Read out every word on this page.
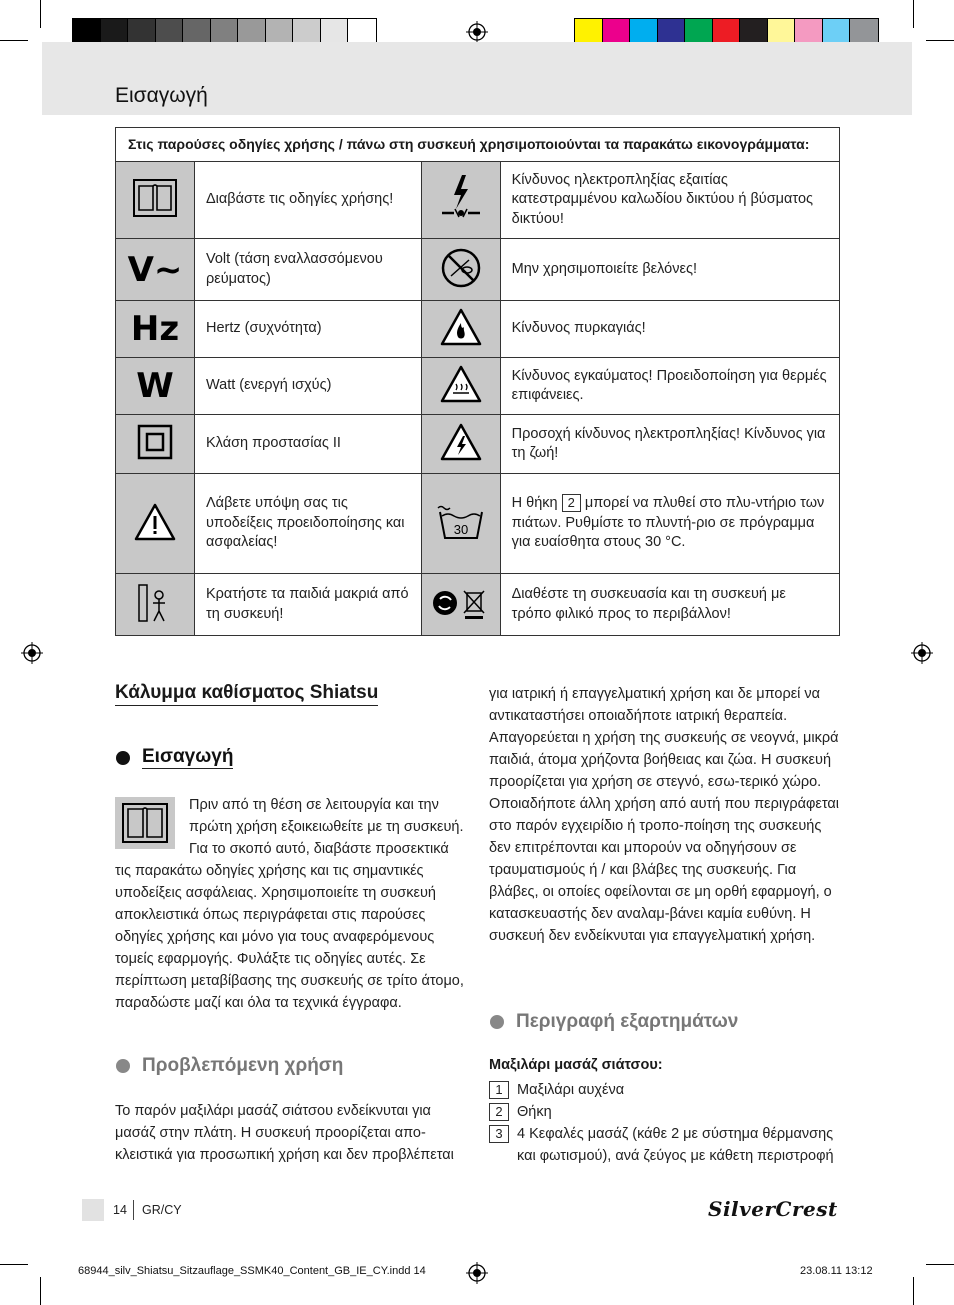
Εισαγωγή
Στις παρούσες οδηγίες χρήσης / πάνω στη συσκευή χρησιμοποιούνται τα παρακάτω εικονογράμματα:			
	Διαβάστε τις οδηγίες χρήσης!		Κίνδυνος ηλεκτροπληξίας εξαιτίας κατεστραμμένου καλωδίου δικτύου ή βύσματος δικτύου!
V~	Volt (τάση εναλλασσόμενου ρεύματος)		Μην χρησιμοποιείτε βελόνες!
Hz	Hertz (συχνότητα)		Κίνδυνος πυρκαγιάς!
W	Watt (ενεργή ισχύς)		Κίνδυνος εγκαύματος! Προειδοποίηση για θερμές επιφάνειες.
	Κλάση προστασίας II		Προσοχή κίνδυνος ηλεκτροπληξίας! Κίνδυνος για τη ζωή!
	Λάβετε υπόψη σας τις υποδείξεις προειδοποίησης και ασφαλείας!	30	Η θήκη 2 μπορεί να πλυθεί στο πλυ-ντήριο των πιάτων. Ρυθμίστε το πλυντή-ριο σε πρόγραμμα για ευαίσθητα στους 30 °C.
	Κρατήστε τα παιδιά μακριά από τη συσκευή!		Διαθέστε τη συσκευασία και τη συσκευή με τρόπο φιλικό προς το περιβάλλον!
Κάλυμμα καθίσματος Shiatsu
Εισαγωγή
Πριν από τη θέση σε λειτουργία και την πρώτη χρήση εξοικειωθείτε με τη συσκευή. Για το σκοπό αυτό, διαβάστε προσεκτικά τις παρακάτω οδηγίες χρήσης και τις σημαντικές υποδείξεις ασφάλειας. Χρησιμοποιείτε τη συσκευή αποκλειστικά όπως περιγράφεται στις παρούσες οδηγίες χρήσης και μόνο για τους αναφερόμενους τομείς εφαρμογής. Φυλάξτε τις οδηγίες αυτές. Σε περίπτωση μεταβίβασης της συσκευής σε τρίτο άτομο, παραδώστε μαζί και όλα τα τεχνικά έγγραφα.
Προβλεπόμενη χρήση
Το παρόν μαξιλάρι μασάζ σιάτσου ενδείκνυται για μασάζ στην πλάτη. Η συσκευή προορίζεται απο-κλειστικά για προσωπική χρήση και δεν προβλέπεται
για ιατρική ή επαγγελματική χρήση και δε μπορεί να αντικαταστήσει οποιαδήποτε ιατρική θεραπεία. Απαγορεύεται η χρήση της συσκευής σε νεογνά, μικρά παιδιά, άτομα χρήζοντα βοήθειας και ζώα. Η συσκευή προορίζεται για χρήση σε στεγνό, εσω-τερικό χώρο. Οποιαδήποτε άλλη χρήση από αυτή που περιγράφεται στο παρόν εγχειρίδιο ή τροπο-ποίηση της συσκευής δεν επιτρέπονται και μπορούν να οδηγήσουν σε τραυματισμούς ή / και βλάβες της συσκευής. Για βλάβες, οι οποίες οφείλονται σε μη ορθή εφαρμογή, ο κατασκευαστής δεν αναλαμ-βάνει καμία ευθύνη. Η συσκευή δεν ενδείκνυται για επαγγελματική χρήση.
Περιγραφή εξαρτημάτων
Μαξιλάρι μασάζ σιάτσου:
1 Μαξιλάρι αυχένα
2 Θήκη
3 4 Κεφαλές μασάζ (κάθε 2 με σύστημα θέρμανσης
και φωτισμού), ανά ζεύγος με κάθετη περιστροφή
14 GR/CY	SilverCrest
68944_silv_Shiatsu_Sitzauflage_SSMK40_Content_GB_IE_CY.indd 14	23.08.11 13:12
